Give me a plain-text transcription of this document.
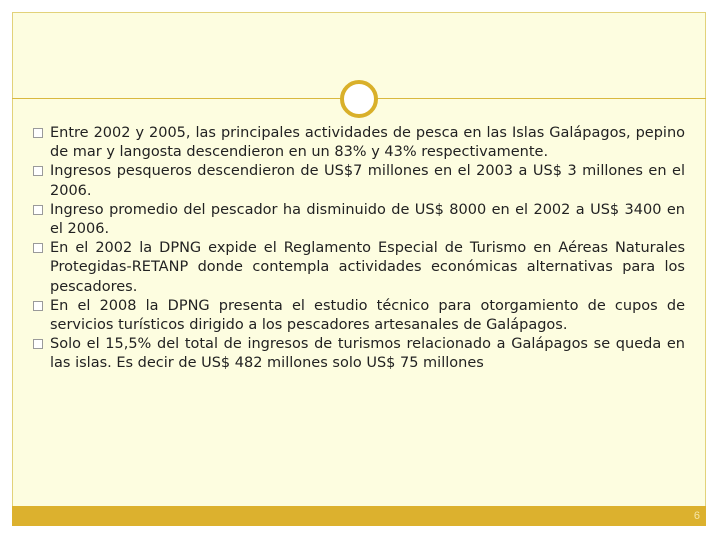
Entre 2002 y 2005, las principales actividades de pesca en las Islas Galápagos, pepino de mar y langosta descendieron en un 83% y 43% respectivamente.
Ingresos pesqueros descendieron de US$7 millones en el 2003 a US$ 3 millones en el 2006.
Ingreso promedio del pescador ha disminuido de US$ 8000 en el 2002 a US$ 3400 en el 2006.
En el 2002 la DPNG expide el Reglamento Especial de Turismo en Aéreas Naturales Protegidas-RETANP donde contempla actividades económicas alternativas para los pescadores.
En el 2008 la DPNG presenta el estudio técnico para otorgamiento de cupos de servicios turísticos dirigido a los pescadores artesanales de Galápagos.
Solo el 15,5% del total de ingresos de turismos relacionado a Galápagos se queda en las islas. Es decir de US$ 482 millones solo US$ 75 millones
6
